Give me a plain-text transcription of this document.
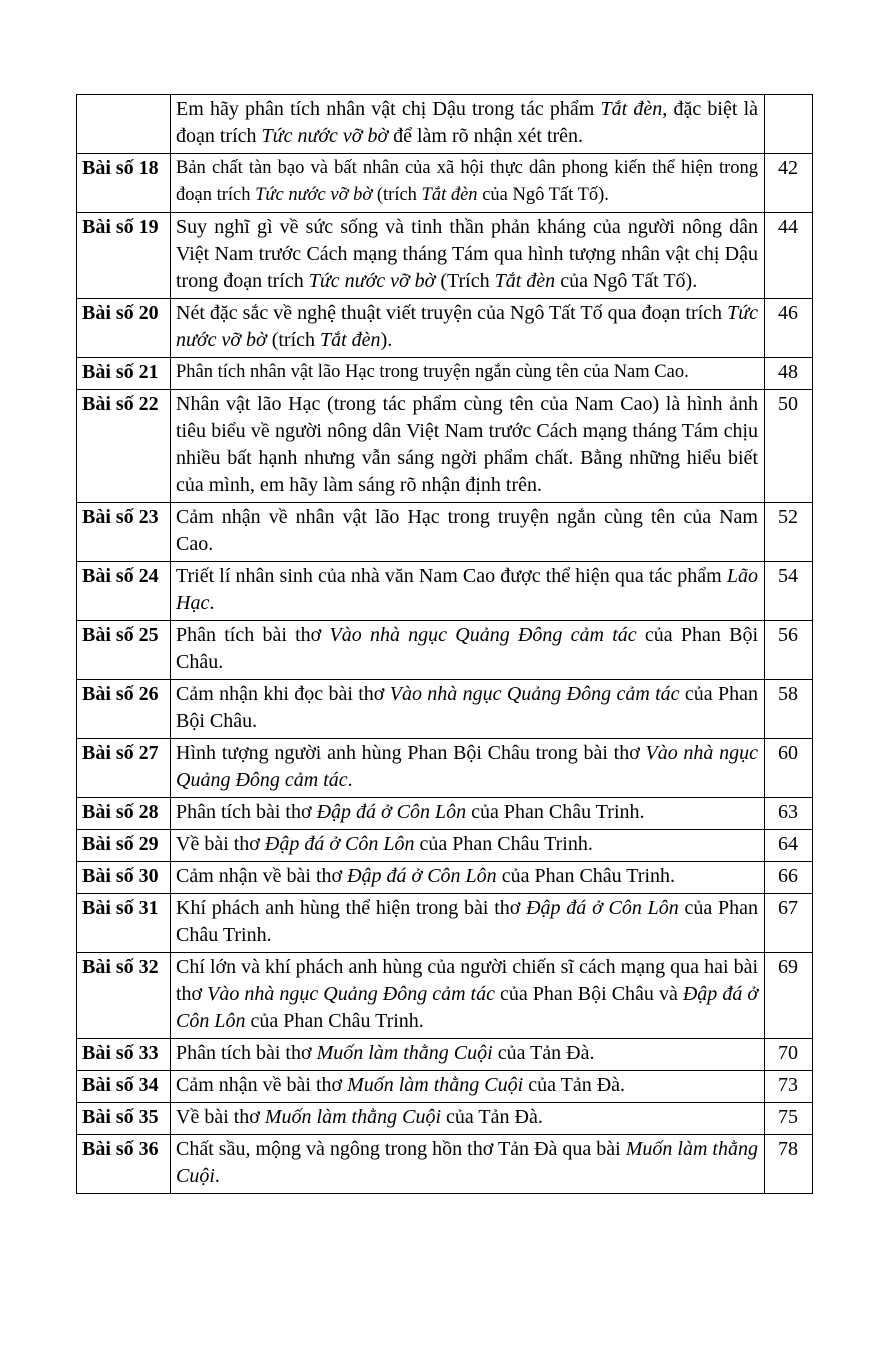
	Em hãy phân tích nhân vật chị Dậu trong tác phẩm Tắt đèn, đặc biệt là đoạn trích Tức nước vỡ bờ để làm rõ nhận xét trên.	
Bài số 18	Bản chất tàn bạo và bất nhân của xã hội thực dân phong kiến thể hiện trong đoạn trích Tức nước vỡ bờ (trích Tắt đèn của Ngô Tất Tố).	42
Bài số 19	Suy nghĩ gì về sức sống và tinh thần phản kháng của người nông dân Việt Nam trước Cách mạng tháng Tám qua hình tượng nhân vật chị Dậu trong đoạn trích Tức nước vỡ bờ (Trích Tắt đèn của Ngô Tất Tố).	44
Bài số 20	Nét đặc sắc về nghệ thuật viết truyện của Ngô Tất Tố qua đoạn trích Tức nước vỡ bờ (trích Tắt đèn).	46
Bài số 21	Phân tích nhân vật lão Hạc trong truyện ngắn cùng tên của Nam Cao.	48
Bài số 22	Nhân vật lão Hạc (trong tác phẩm cùng tên của Nam Cao) là hình ảnh tiêu biểu về người nông dân Việt Nam trước Cách mạng tháng Tám chịu nhiều bất hạnh nhưng vẫn sáng ngời phẩm chất. Bằng những hiểu biết của mình, em hãy làm sáng rõ nhận định trên.	50
Bài số 23	Cảm nhận về nhân vật lão Hạc trong truyện ngắn cùng tên của Nam Cao.	52
Bài số 24	Triết lí nhân sinh của nhà văn Nam Cao được thể hiện qua tác phẩm Lão Hạc.	54
Bài số 25	Phân tích bài thơ Vào nhà ngục Quảng Đông cảm tác của Phan Bội Châu.	56
Bài số 26	Cảm nhận khi đọc bài thơ Vào nhà ngục Quảng Đông cảm tác của Phan Bội Châu.	58
Bài số 27	Hình tượng người anh hùng Phan Bội Châu trong bài thơ Vào nhà ngục Quảng Đông cảm tác.	60
Bài số 28	Phân tích bài thơ Đập đá ở Côn Lôn của Phan Châu Trinh.	63
Bài số 29	Về bài thơ Đập đá ở Côn Lôn của Phan Châu Trinh.	64
Bài số 30	Cảm nhận về bài thơ Đập đá ở Côn Lôn của Phan Châu Trinh.	66
Bài số 31	Khí phách anh hùng thể hiện trong bài thơ Đập đá ở Côn Lôn của Phan Châu Trinh.	67
Bài số 32	Chí lớn và khí phách anh hùng của người chiến sĩ cách mạng qua hai bài thơ Vào nhà ngục Quảng Đông cảm tác của Phan Bội Châu và Đập đá ở Côn Lôn của Phan Châu Trinh.	69
Bài số 33	Phân tích bài thơ Muốn làm thằng Cuội của Tản Đà.	70
Bài số 34	Cảm nhận về bài thơ Muốn làm thằng Cuội của Tản Đà.	73
Bài số 35	Về bài thơ Muốn làm thằng Cuội của Tản Đà.	75
Bài số 36	Chất sầu, mộng và ngông trong hồn thơ Tản Đà qua bài Muốn làm thằng Cuội.	78
